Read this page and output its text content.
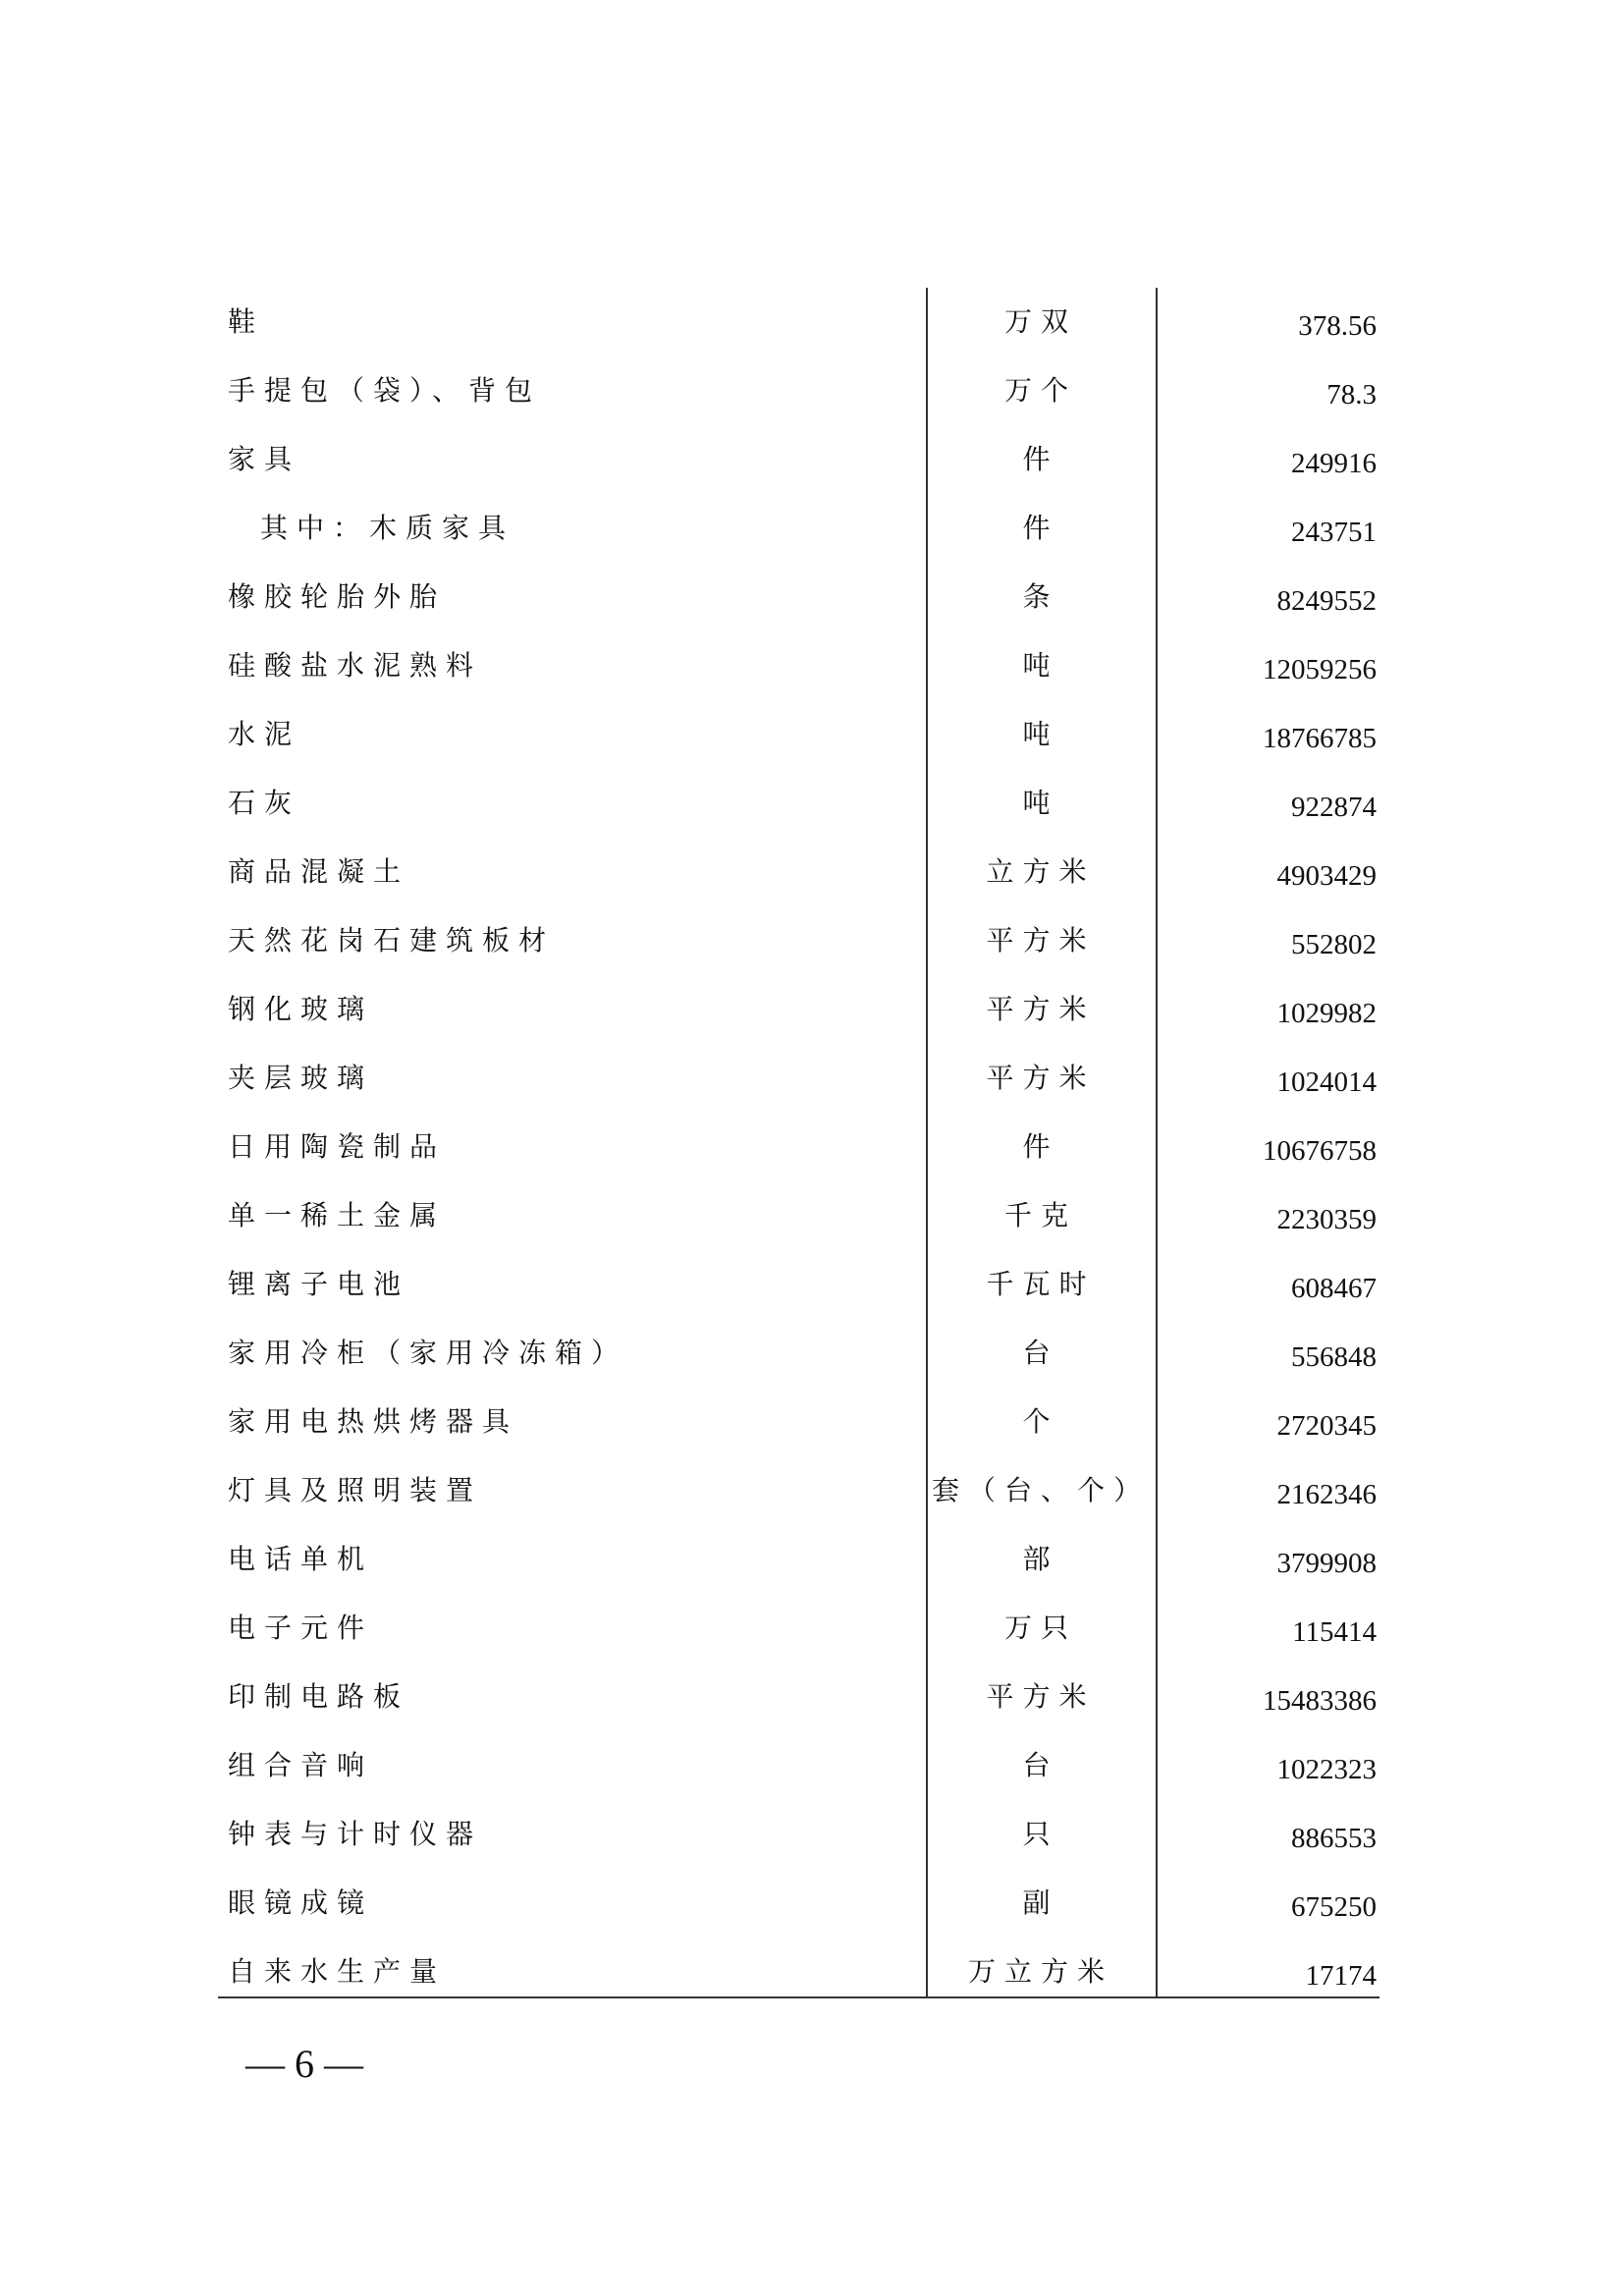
鞋	万双	378.56
手提包（袋）、背包	万个	78.3
家具	件	249916
其中：木质家具	件	243751
橡胶轮胎外胎	条	8249552
硅酸盐水泥熟料	吨	12059256
水泥	吨	18766785
石灰	吨	922874
商品混凝土	立方米	4903429
天然花岗石建筑板材	平方米	552802
钢化玻璃	平方米	1029982
夹层玻璃	平方米	1024014
日用陶瓷制品	件	10676758
单一稀土金属	千克	2230359
锂离子电池	千瓦时	608467
家用冷柜（家用冷冻箱）	台	556848
家用电热烘烤器具	个	2720345
灯具及照明装置	套（台、个）	2162346
电话单机	部	3799908
电子元件	万只	115414
印制电路板	平方米	15483386
组合音响	台	1022323
钟表与计时仪器	只	886553
眼镜成镜	副	675250
自来水生产量	万立方米	17174
— 6 —
